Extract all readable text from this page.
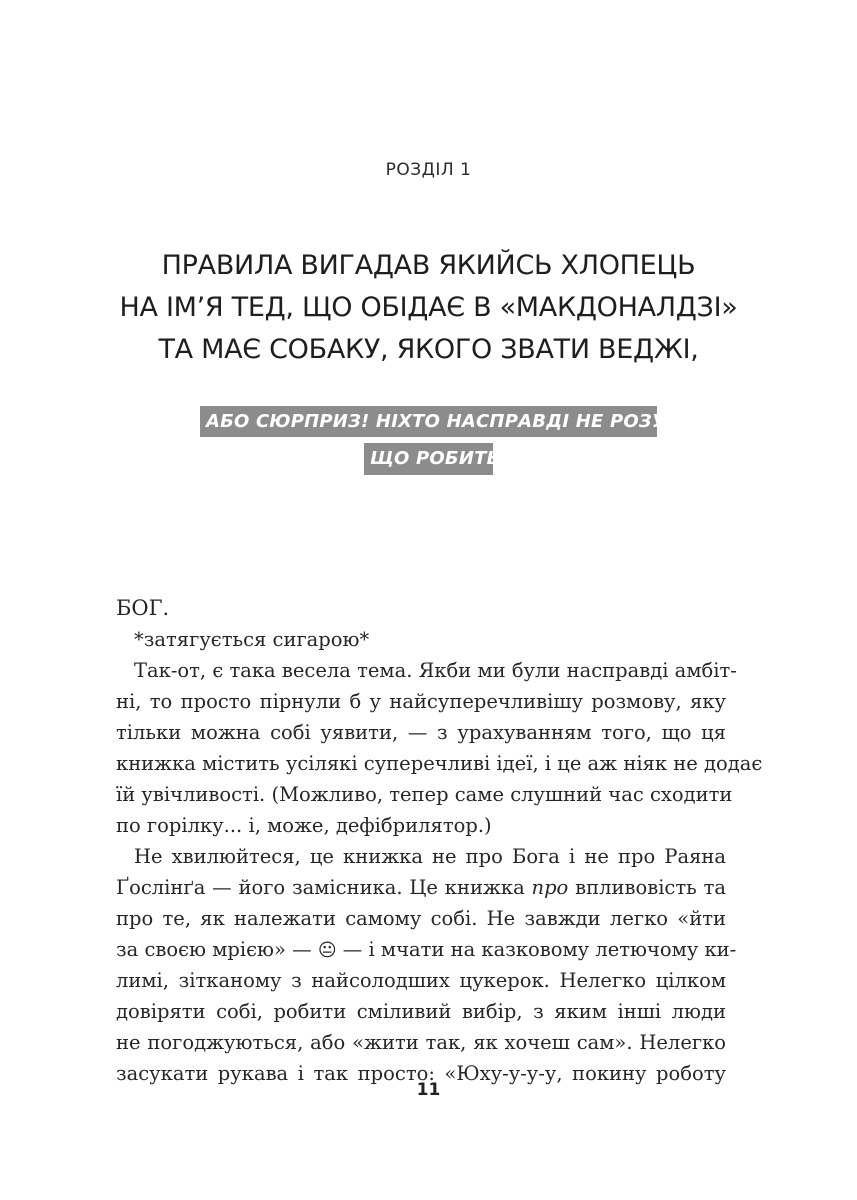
РОЗДІЛ 1
ПРАВИЛА ВИГАДАВ ЯКИЙСЬ ХЛОПЕЦЬ
НА ІМ’Я ТЕД, ЩО ОБІДАЄ В «МАКДОНАЛДЗІ»
ТА МАЄ СОБАКУ, ЯКОГО ЗВАТИ ВЕДЖІ,
АБО СЮРПРИЗ! НІХТО НАСПРАВДІ НЕ РОЗУМІЄ,
ЩО РОБИТЬ
БОГ.
*затягується сигарою*
Так-от, є така весела тема. Якби ми були насправді амбіт-
ні, то просто пірнули б у найсуперечливішу розмову, яку
тільки можна собі уявити, — з урахуванням того, що ця
книжка містить усілякі суперечливі ідеї, і це аж ніяк не додає
їй увічливості. (Можливо, тепер саме слушний час сходити
по горілку... і, може, дефібрилятор.)
Не хвилюйтеся, це книжка не про Бога і не про Раяна
Ґослінґа — його замісника. Це книжка про впливовість та
про те, як належати самому собі. Не завжди легко «йти
за своєю мрією» — 😐 — і мчати на казковому летючому ки-
лимі, зітканому з найсолодших цукерок. Нелегко цілком
довіряти собі, робити сміливий вибір, з яким інші люди
не погоджуються, або «жити так, як хочеш сам». Нелегко
засукати рукава і так просто: «Юху-у-у-у, покину роботу
11
